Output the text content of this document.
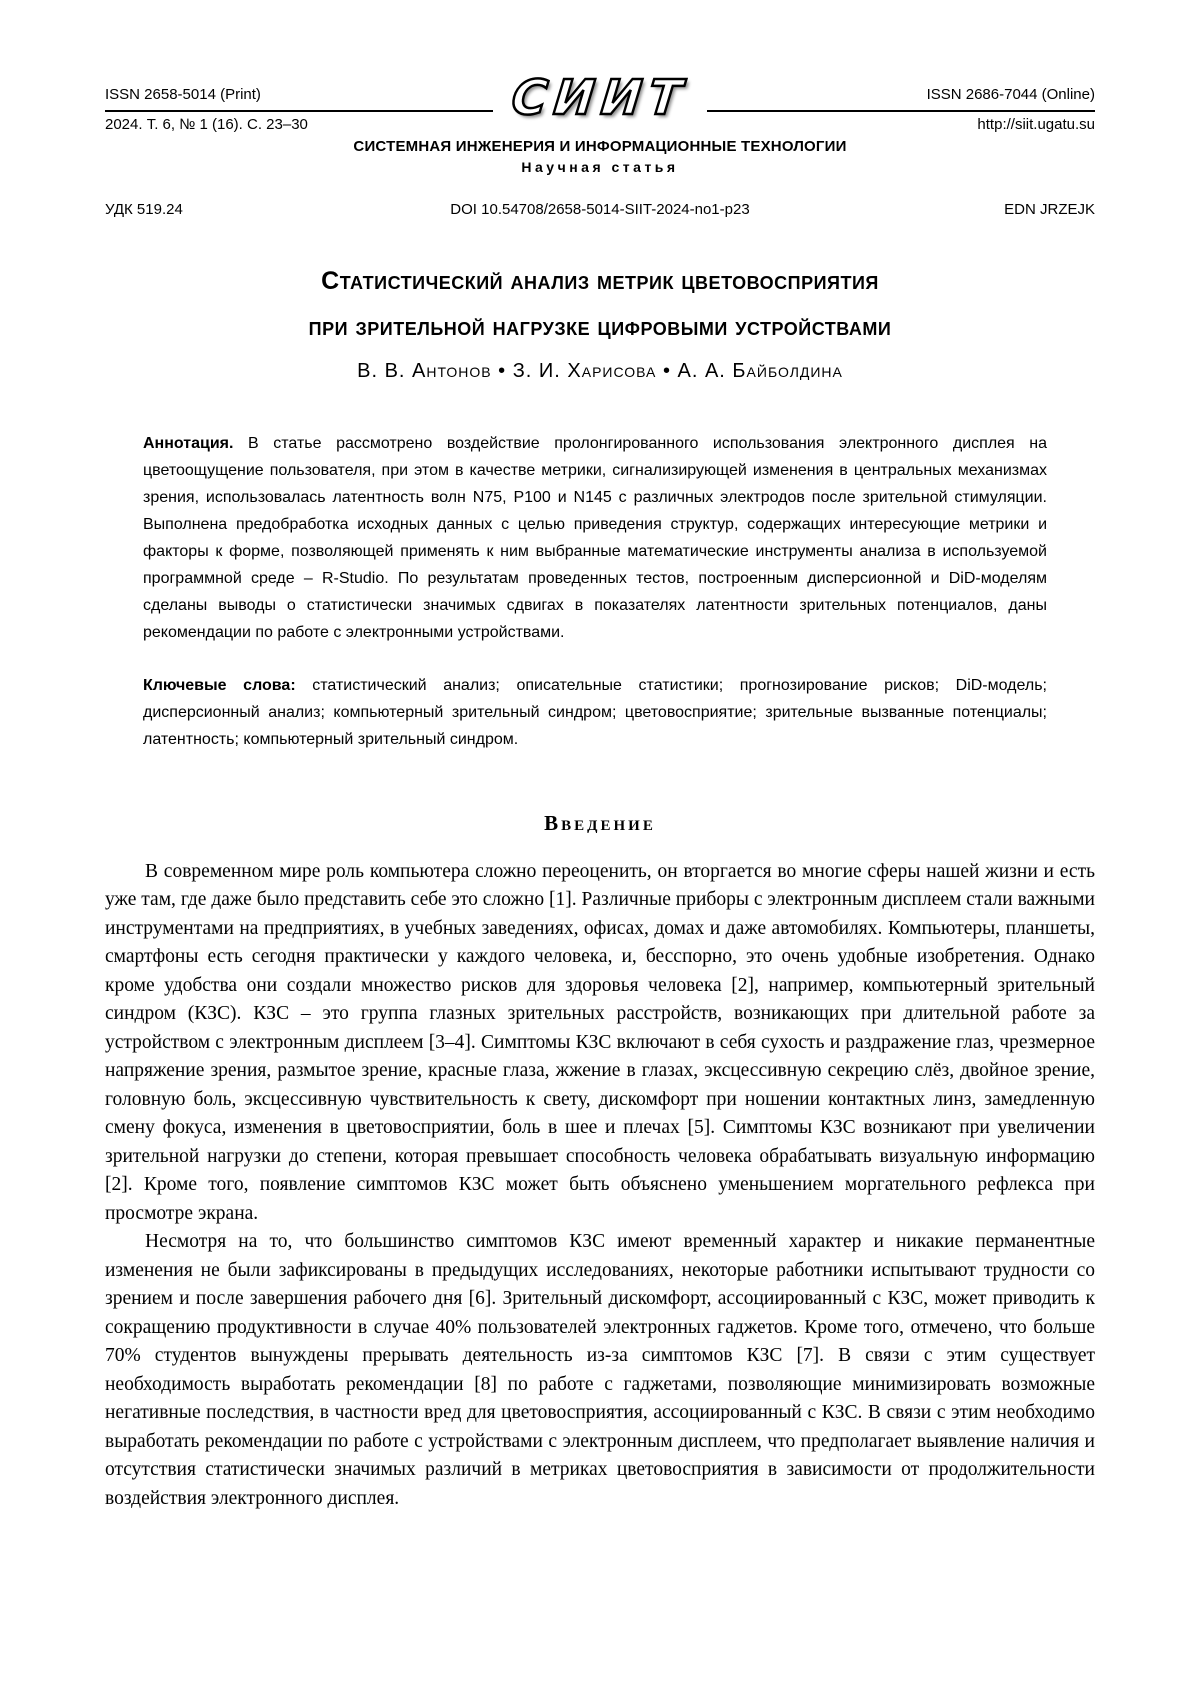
ISSN 2658-5014 (Print)
2024. Т. 6, № 1 (16). С. 23–30
ISSN 2686-7044 (Online)
http://siit.ugatu.su
СИИТ
СИСТЕМНАЯ ИНЖЕНЕРИЯ И ИНФОРМАЦИОННЫЕ ТЕХНОЛОГИИ
Научная статья
УДК 519.24	DOI 10.54708/2658-5014-SIIT-2024-no1-p23	EDN JRZEJK
Статистический анализ метрик цветовосприятия
при зрительной нагрузке цифровыми устройствами
В. В. Антонов • З. И. Харисова • А. А. Байболдина
Аннотация. В статье рассмотрено воздействие пролонгированного использования электронного дисплея на цветоощущение пользователя, при этом в качестве метрики, сигнализирующей изменения в центральных механизмах зрения, использовалась латентность волн N75, P100 и N145 с различных электродов после зрительной стимуляции. Выполнена предобработка исходных данных с целью приведения структур, содержащих интересующие метрики и факторы к форме, позволяющей применять к ним выбранные математические инструменты анализа в используемой программной среде – R-Studio. По результатам проведенных тестов, построенным дисперсионной и DiD-моделям сделаны выводы о статистически значимых сдвигах в показателях латентности зрительных потенциалов, даны рекомендации по работе с электронными устройствами.
Ключевые слова: статистический анализ; описательные статистики; прогнозирование рисков; DiD-модель; дисперсионный анализ; компьютерный зрительный синдром; цветовосприятие; зрительные вызванные потенциалы; латентность; компьютерный зрительный синдром.
Введение

В современном мире роль компьютера сложно переоценить, он вторгается во многие сферы нашей жизни и есть уже там, где даже было представить себе это сложно [1]. Различные приборы с электронным дисплеем стали важными инструментами на предприятиях, в учебных заведениях, офисах, домах и даже автомобилях. Компьютеры, планшеты, смартфоны есть сегодня практически у каждого человека, и, бесспорно, это очень удобные изобретения. Однако кроме удобства они создали множество рисков для здоровья человека [2], например, компьютерный зрительный синдром (КЗС). КЗС – это группа глазных зрительных расстройств, возникающих при длительной работе за устройством с электронным дисплеем [3–4]. Симптомы КЗС включают в себя сухость и раздражение глаз, чрезмерное напряжение зрения, размытое зрение, красные глаза, жжение в глазах, эксцессивную секрецию слёз, двойное зрение, головную боль, эксцессивную чувствительность к свету, дискомфорт при ношении контактных линз, замедленную смену фокуса, изменения в цветовосприятии, боль в шее и плечах [5]. Симптомы КЗС возникают при увеличении зрительной нагрузки до степени, которая превышает способность человека обрабатывать визуальную информацию [2]. Кроме того, появление симптомов КЗС может быть объяснено уменьшением моргательного рефлекса при просмотре экрана.

Несмотря на то, что большинство симптомов КЗС имеют временный характер и никакие перманентные изменения не были зафиксированы в предыдущих исследованиях, некоторые работники испытывают трудности со зрением и после завершения рабочего дня [6]. Зрительный дискомфорт, ассоциированный с КЗС, может приводить к сокращению продуктивности в случае 40% пользователей электронных гаджетов. Кроме того, отмечено, что больше 70% студентов вынуждены прерывать деятельность из-за симптомов КЗС [7]. В связи с этим существует необходимость выработать рекомендации [8] по работе с гаджетами, позволяющие минимизировать возможные негативные последствия, в частности вред для цветовосприятия, ассоциированный с КЗС. В связи с этим необходимо выработать рекомендации по работе с устройствами с электронным дисплеем, что предполагает выявление наличия и отсутствия статистически значимых различий в метриках цветовосприятия в зависимости от продолжительности воздействия электронного дисплея.
